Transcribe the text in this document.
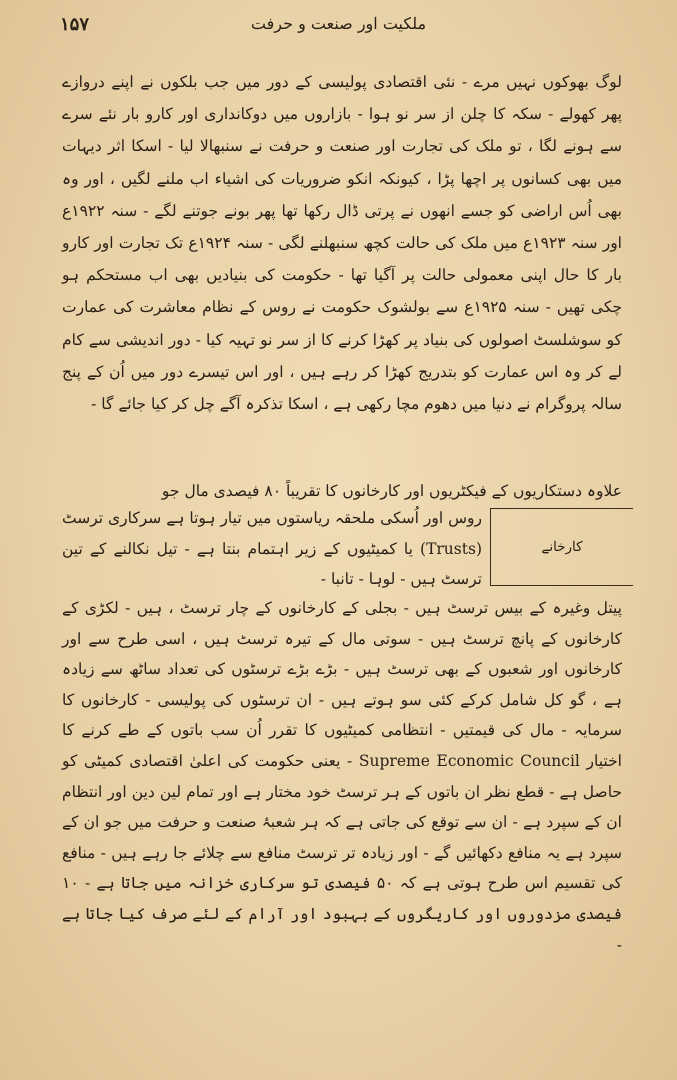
۱۵۷	ملکیت اور صنعت و حرفت

لوگ بھوکوں نہیں مرے - نئی اقتصادی پولیسی کے دور میں جب بلکوں نے اپنے دروازے پھر کھولے - سکہ کا چلن از سر نو ہوا - بازاروں میں دوکانداری اور کارو بار نئے سرے سے ہونے لگا ، تو ملک کی تجارت اور صنعت و حرفت نے سنبھالا لیا - اسکا اثر دیہات میں بھی کسانوں پر اچھا پڑا ، کیونکہ انکو ضروریات کی اشیاء اب ملنے لگیں ، اور وہ بھی اُس اراضی کو جسے انھوں نے پرتی ڈال رکھا تھا پھر بونے جوتنے لگے - سنہ ۱۹۲۲ع اور سنہ ۱۹۲۳ع میں ملک کی حالت کچھ سنبھلنے لگی - سنہ ۱۹۲۴ع تک تجارت اور کارو بار کا حال اپنی معمولی حالت پر آگیا تھا - حکومت کی بنیادیں بھی اب مستحکم ہو چکی تھیں - سنہ ۱۹۲۵ع سے بولشوک حکومت نے روس کے نظام معاشرت کی عمارت کو سوشلسٹ اصولوں کی بنیاد پر کھڑا کرنے کا از سر نو تہیہ کیا - دور اندیشی سے کام لے کر وہ اس عمارت کو بتدریج کھڑا کر رہے ہیں ، اور اس تیسرے دور میں اُن کے پنج سالہ پروگرام نے دنیا میں دھوم مچا رکھی ہے ، اسکا تذکرہ آگے چل کر کیا جائے گا -

علاوہ دستکاریوں کے فیکٹریوں اور کارخانوں کا تقریباً ۸۰ فیصدی مال جو

کارخانے

روس اور اُسکی ملحقہ ریاستوں میں تیار ہوتا ہے سرکاری ترسٹ (Trusts) یا کمیٹیوں کے زیر اہتمام بنتا ہے - تیل نکالنے کے تین ترسٹ ہیں - لوہا - تانبا -

پیتل وغیرہ کے بیس ترسٹ ہیں - بجلی کے کارخانوں کے چار ترسٹ ، ہیں - لکڑی کے کارخانوں کے پانچ ترسٹ ہیں - سوتی مال کے تیرہ ترسٹ ہیں ، اسی طرح سے اور کارخانوں اور شعبوں کے بھی ترسٹ ہیں - بڑے بڑے ترسٹوں کی تعداد ساٹھ سے زیادہ ہے ، گو کل شامل کرکے کئی سو ہوتے ہیں - ان ترسٹوں کی پولیسی - کارخانوں کا سرمایہ - مال کی قیمتیں - انتظامی کمیٹیوں کا تقرر اُن سب باتوں کے طے کرنے کا اختیار Supreme Economic Council - یعنی حکومت کی اعلیٰ اقتصادی کمیٹی کو حاصل ہے - قطع نظر ان باتوں کے ہر ترسٹ خود مختار ہے اور تمام لین دین اور انتظام ان کے سپرد ہے - ان سے توقع کی جاتی ہے کہ ہر شعبۂ صنعت و حرفت میں جو ان کے سپرد ہے یہ منافع دکھائیں گے - اور زیادہ تر ترسٹ منافع سے چلائے جا رہے ہیں - منافع کی تقسیم اس طرح ہوتی ہے کہ ۵۰ فیصدی تو سرکاری خزانہ میں جاتا ہے - ۱۰ فیصدی مزدوروں اور کاریگروں کے بہبود اور آرام کے لئے صرف کیا جاتا ہے -
